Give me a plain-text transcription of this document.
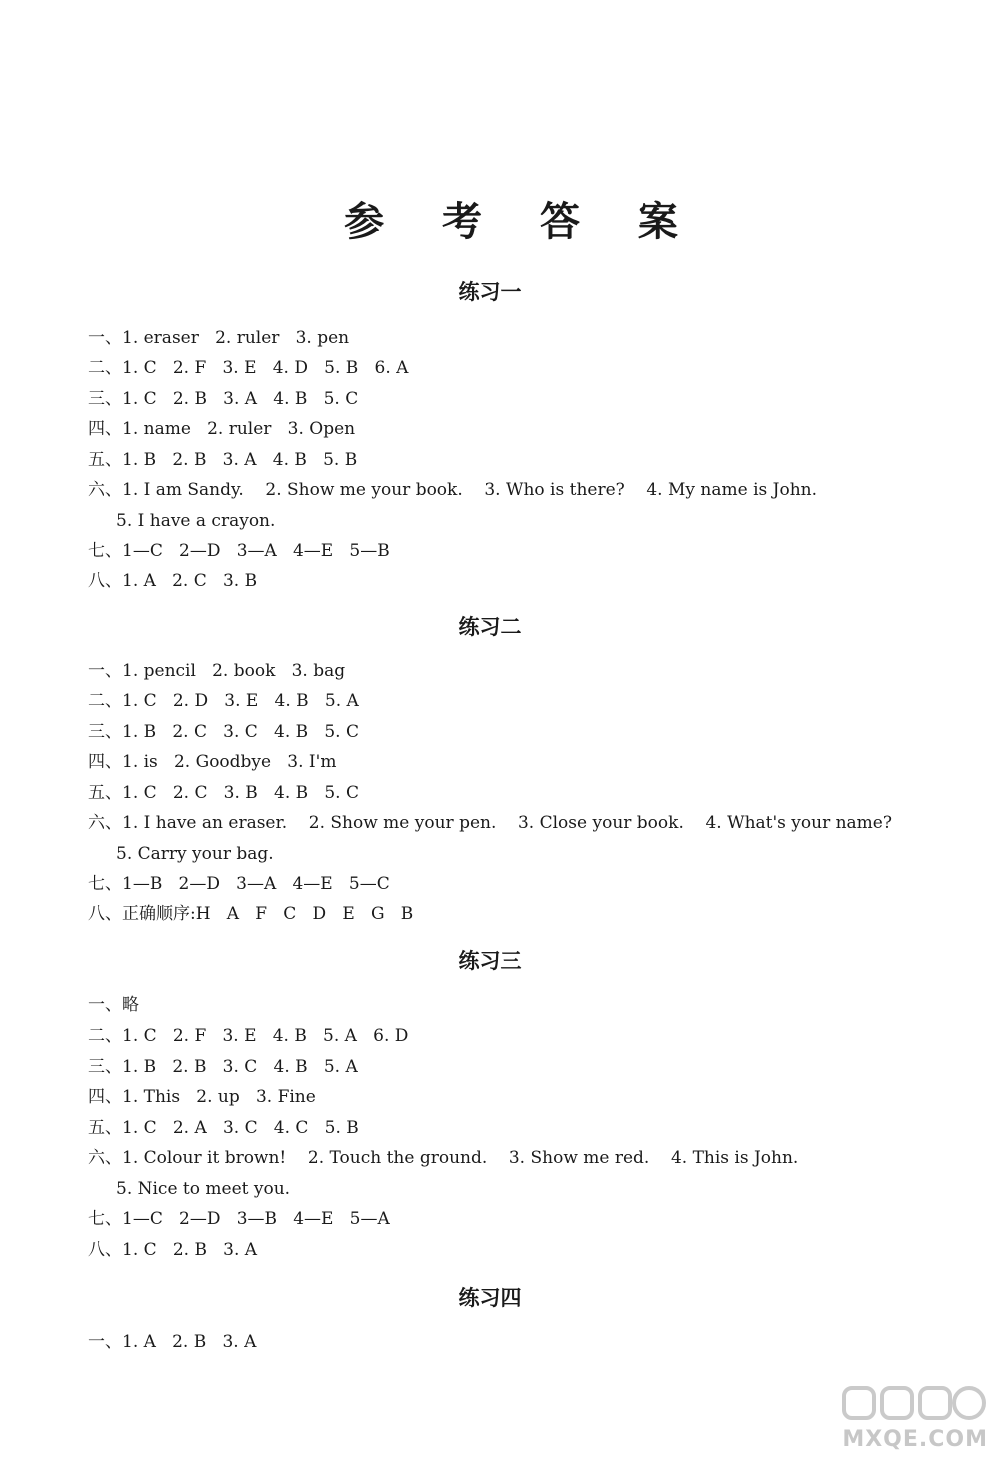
参 考 答 案
练习一
一、1. eraser   2. ruler   3. pen
二、1. C   2. F   3. E   4. D   5. B   6. A
三、1. C   2. B   3. A   4. B   5. C
四、1. name   2. ruler   3. Open
五、1. B   2. B   3. A   4. B   5. B
六、1. I am Sandy.    2. Show me your book.    3. Who is there?    4. My name is John.
5. I have a crayon.
七、1—C   2—D   3—A   4—E   5—B
八、1. A   2. C   3. B
练习二
一、1. pencil   2. book   3. bag
二、1. C   2. D   3. E   4. B   5. A
三、1. B   2. C   3. C   4. B   5. C
四、1. is   2. Goodbye   3. I'm
五、1. C   2. C   3. B   4. B   5. C
六、1. I have an eraser.    2. Show me your pen.    3. Close your book.    4. What's your name?
5. Carry your bag.
七、1—B   2—D   3—A   4—E   5—C
八、正确顺序:H   A   F   C   D   E   G   B
练习三
一、略
二、1. C   2. F   3. E   4. B   5. A   6. D
三、1. B   2. B   3. C   4. B   5. A
四、1. This   2. up   3. Fine
五、1. C   2. A   3. C   4. C   5. B
六、1. Colour it brown!    2. Touch the ground.    3. Show me red.    4. This is John.
5. Nice to meet you.
七、1—C   2—D   3—B   4—E   5—A
八、1. C   2. B   3. A
练习四
一、1. A   2. B   3. A
MXQE.COM
